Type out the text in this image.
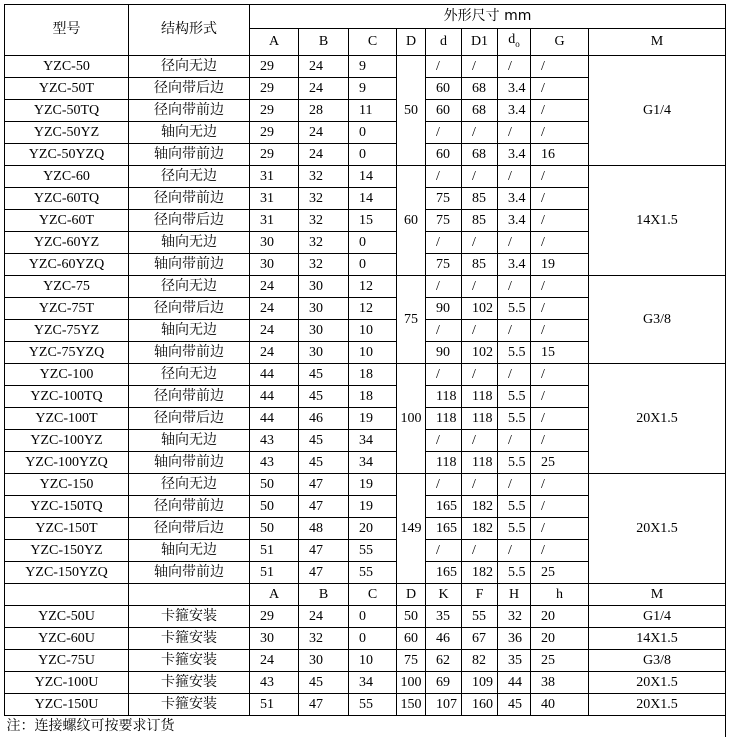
型号	结构形式	外形尺寸 mm								
		A	B	C	D	d	D1	$d_o$	G	M
YZC-50	径向无边	29	24	9	50	/	/	/	/	G1/4
YZC-50T	径向带后边	29	24	9		60	68	3.4	/	
YZC-50TQ	径向带前边	29	28	11		60	68	3.4	/	
YZC-50YZ	轴向无边	29	24	0		/	/	/	/	
YZC-50YZQ	轴向带前边	29	24	0		60	68	3.4	16	
YZC-60	径向无边	31	32	14	60	/	/	/	/	14X1.5
YZC-60TQ	径向带前边	31	32	14		75	85	3.4	/	
YZC-60T	径向带后边	31	32	15		75	85	3.4	/	
YZC-60YZ	轴向无边	30	32	0		/	/	/	/	
YZC-60YZQ	轴向带前边	30	32	0		75	85	3.4	19	
YZC-75	径向无边	24	30	12	75	/	/	/	/	G3/8
YZC-75T	径向带后边	24	30	12		90	102	5.5	/	
YZC-75YZ	轴向无边	24	30	10		/	/	/	/	
YZC-75YZQ	轴向带前边	24	30	10		90	102	5.5	15	
YZC-100	径向无边	44	45	18	100	/	/	/	/	20X1.5
YZC-100TQ	径向带前边	44	45	18		118	118	5.5	/	
YZC-100T	径向带后边	44	46	19		118	118	5.5	/	
YZC-100YZ	轴向无边	43	45	34		/	/	/	/	
YZC-100YZQ	轴向带前边	43	45	34		118	118	5.5	25	
YZC-150	径向无边	50	47	19	149	/	/	/	/	20X1.5
YZC-150TQ	径向带前边	50	47	19		165	182	5.5	/	
YZC-150T	径向带后边	50	48	20		165	182	5.5	/	
YZC-150YZ	轴向无边	51	47	55		/	/	/	/	
YZC-150YZQ	轴向带前边	51	47	55		165	182	5.5	25	
		A	B	C	D	K	F	H	h	M
YZC-50U	卡箍安装	29	24	0	50	35	55	32	20	G1/4
YZC-60U	卡箍安装	30	32	0	60	46	67	36	20	14X1.5
YZC-75U	卡箍安装	24	30	10	75	62	82	35	25	G3/8
YZC-100U	卡箍安装	43	45	34	100	69	109	44	38	20X1.5
YZC-150U	卡箍安装	51	47	55	150	107	160	45	40	20X1.5
注：连接螺纹可按要求订货										
